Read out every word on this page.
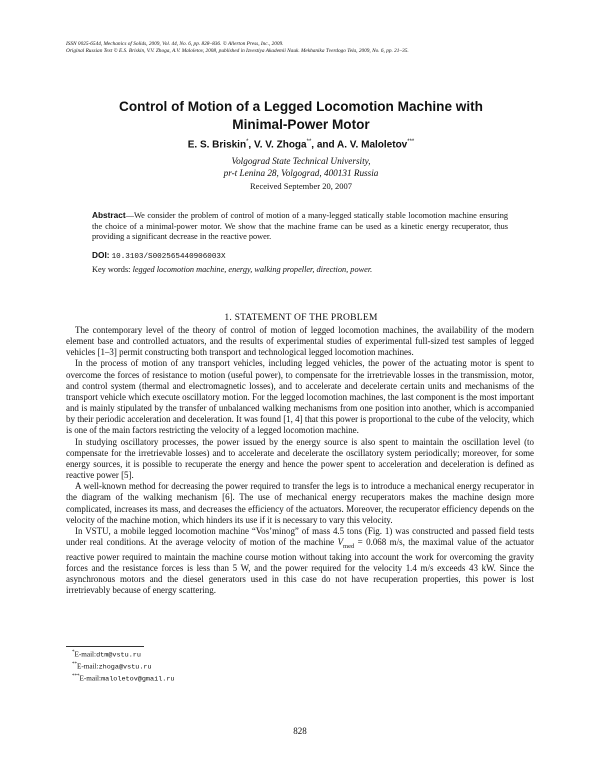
ISSN 0025-6544, Mechanics of Solids, 2009, Vol. 44, No. 6, pp. 828–836. © Allerton Press, Inc., 2009.
Original Russian Text © E.S. Briskin, V.V. Zhoga, A.V. Maloletov, 2008, published in Izvestiya Akademii Nauk. Mekhanika Tverdogo Tela, 2009, No. 6, pp. 21–35.
Control of Motion of a Legged Locomotion Machine with
Minimal-Power Motor
E. S. Briskin*, V. V. Zhoga**, and A. V. Maloletov***
Volgograd State Technical University,
pr-t Lenina 28, Volgograd, 400131 Russia
Received September 20, 2007
Abstract—We consider the problem of control of motion of a many-legged statically stable locomotion machine ensuring the choice of a minimal-power motor. We show that the machine frame can be used as a kinetic energy recuperator, thus providing a significant decrease in the reactive power.
DOI: 10.3103/S002565440906003X
Key words: legged locomotion machine, energy, walking propeller, direction, power.
1. STATEMENT OF THE PROBLEM

The contemporary level of the theory of control of motion of legged locomotion machines, the availability of the modern element base and controlled actuators, and the results of experimental studies of experimental full-sized test samples of legged vehicles [1–3] permit constructing both transport and technological legged locomotion machines.

In the process of motion of any transport vehicles, including legged vehicles, the power of the actuating motor is spent to overcome the forces of resistance to motion (useful power), to compensate for the irretrievable losses in the transmission, motor, and control system (thermal and electromagnetic losses), and to accelerate and decelerate certain units and mechanisms of the transport vehicle which execute oscillatory motion. For the legged locomotion machines, the last component is the most important and is mainly stipulated by the transfer of unbalanced walking mechanisms from one position into another, which is accompanied by their periodic acceleration and deceleration. It was found [1, 4] that this power is proportional to the cube of the velocity, which is one of the main factors restricting the velocity of a legged locomotion machine.

In studying oscillatory processes, the power issued by the energy source is also spent to maintain the oscillation level (to compensate for the irretrievable losses) and to accelerate and decelerate the oscillatory system periodically; moreover, for some energy sources, it is possible to recuperate the energy and hence the power spent to acceleration and deceleration is defined as reactive power [5].

A well-known method for decreasing the power required to transfer the legs is to introduce a mechanical energy recuperator in the diagram of the walking mechanism [6]. The use of mechanical energy recuperators makes the machine design more complicated, increases its mass, and decreases the efficiency of the actuators. Moreover, the recuperator efficiency depends on the velocity of the machine motion, which hinders its use if it is necessary to vary this velocity.

In VSTU, a mobile legged locomotion machine “Vos’minog” of mass 4.5 tons (Fig. 1) was constructed and passed field tests under real conditions. At the average velocity of motion of the machine $V_{med} = 0.068$ m/s, the maximal value of the actuator reactive power required to maintain the machine course motion without taking into account the work for overcoming the gravity forces and the resistance forces is less than 5 W, and the power required for the velocity 1.4 m/s exceeds 43 kW. Since the asynchronous motors and the diesel generators used in this case do not have recuperation properties, this power is lost irretrievably because of energy scattering.

*E-mail:dtm@vstu.ru
**E-mail:zhoga@vstu.ru
***E-mail:maloletov@gmail.ru
828
